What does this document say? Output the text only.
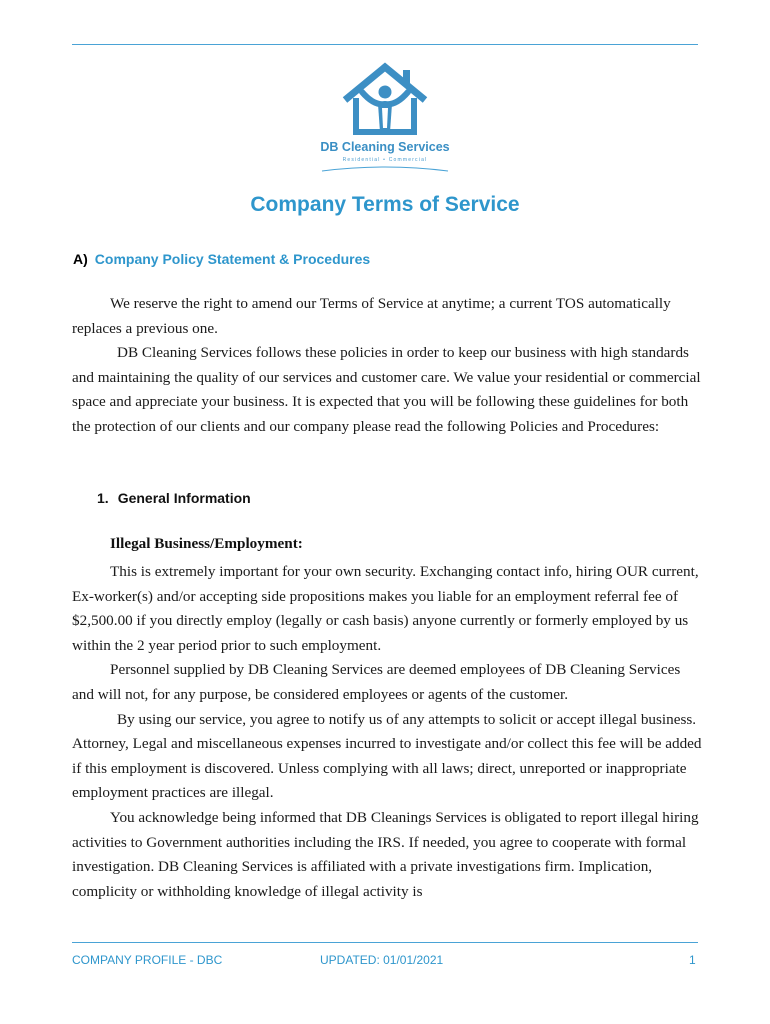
DB Cleaning Services
Residential • Commercial
Company Terms of Service
A) Company Policy Statement & Procedures

We reserve the right to amend our Terms of Service at anytime; a current TOS automatically replaces a previous one.

DB Cleaning Services follows these policies in order to keep our business with high standards and maintaining the quality of our services and customer care. We value your residential or commercial space and appreciate your business. It is expected that you will be following these guidelines for both the protection of our clients and our company please read the following Policies and Procedures:

1. General Information
Illegal Business/Employment:

This is extremely important for your own security. Exchanging contact info, hiring OUR current, Ex-worker(s) and/or accepting side propositions makes you liable for an employment referral fee of $2,500.00 if you directly employ (legally or cash basis) anyone currently or formerly employed by us within the 2 year period prior to such employment.

Personnel supplied by DB Cleaning Services are deemed employees of DB Cleaning Services and will not, for any purpose, be considered employees or agents of the customer.

By using our service, you agree to notify us of any attempts to solicit or accept illegal business. Attorney, Legal and miscellaneous expenses incurred to investigate and/or collect this fee will be added if this employment is discovered. Unless complying with all laws; direct, unreported or inappropriate employment practices are illegal.

You acknowledge being informed that DB Cleanings Services is obligated to report illegal hiring activities to Government authorities including the IRS. If needed, you agree to cooperate with formal investigation. DB Cleaning Services is affiliated with a private investigations firm. Implication, complicity or withholding knowledge of illegal activity is

COMPANY PROFILE - DBC	UPDATED: 01/01/2021	1
